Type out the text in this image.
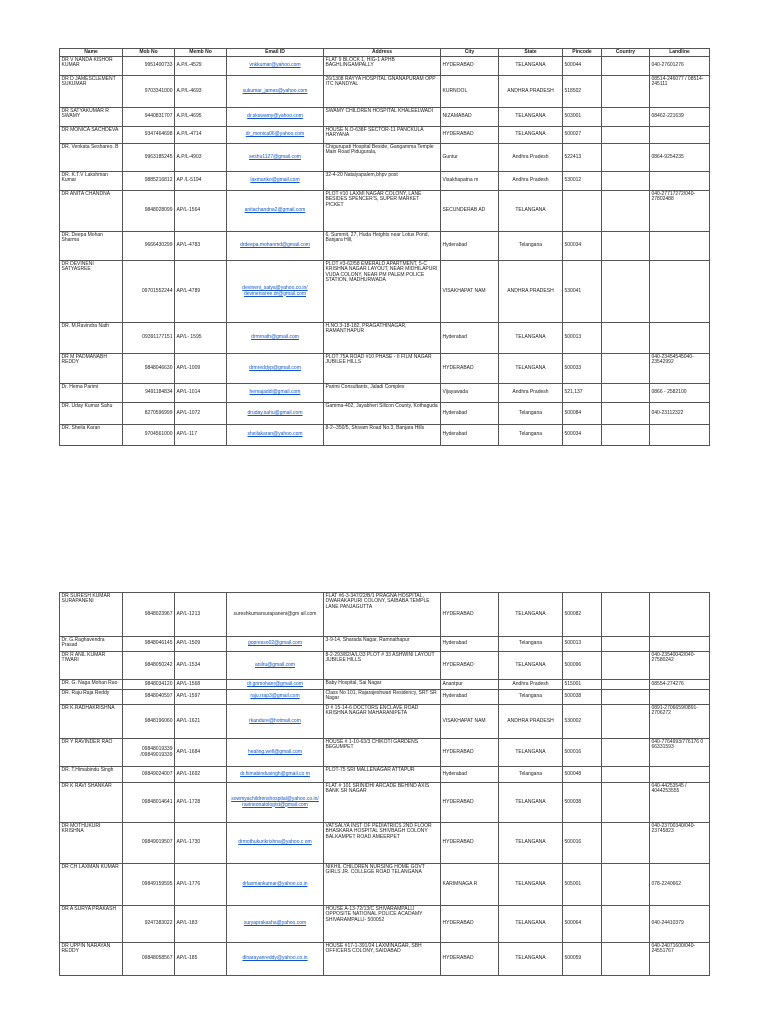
Name	Mob No	Memb No	Email ID	Address	City	State	Pincode	Country	Landline
DR V NANDA KISHOR KUMAR	9951400733	A.P/L-4529	vnkkumar@yahoo.com	FLAT 9 BLOCK 1, HIG-1 APHB BAGHLINGAMPALLY	HYDERABAD	TELANGANA	500044		040-27601276
DR D JAMESCLEMENT SUKUMAR	9703341000	A.P/L-4693	sukumar_james@yahoo.com	26/1308 RAYYA HOSPITAL GNANAPURAM OPP ITC NANDYAL	KURNOOL	ANDHRA PRADESH	518502		08514-246077 / 08514-245111
DR SATYAKUMAR R SWAMY	9440831707	A.P/L-4695	dr.skswamy@yahoo.com	SWAMY CHILDREN HOSPITAL KHALEELWADI	NIZAMABAD	TELANGANA	503001		08462-221639
DR MONICA SACHDEVA	9347464698	A.P/L-4714	dr_monica06@yahoo.com	HOUSE N.O-638F SECTOR-11 PANCKULA HARYANA	HYDERABAD	TELANGANA	500027		
DR. Venkata Seshareo. B	9963185245	A.P/L-4903	seshu1127@gmail.com	Chigurupati Hospital Beside, Gangamma Temple Main Road Pidugurala,	Guntur	Andhra Pradesh	522413		0864-9254235
DR. K.T.V Lakshman Kumar	9885216812	AP /L-5194	laxmanko@gmail.com	32-4-20 Nataiyapalem,bhpv post	Visakhapatna m	Andhra Pradesh	530012		
DR ANITA CHANDNA	9848028099	AP/L-1564	anitachandna2@gmail.com	PLOT #10 LAXMI NAGAR COLONY, LANE BESIDES SPENCER'S, SUPER MARKET PICKET	SECUNDERAB AD	TELANGANA			040-27717272/040-27802488
DR. Deepa Mohan Sharma	9666430299	AP/L-4783	drdeepa.mohanmd@gmail.com	6, Summit, 27, Huda Heights near Lotus Pond, Banjara Hill,	Hyderabad	Telangana	500034		
DR DEVINENI SATYASREE	09701552244	AP/L-4789	devineni_satya@yahoo.co.in/ devinenisree.dr@gmail.com	PLOT #3-62/58 EMERALD APARTMENT, 5-C KRISHNA NAGAR LAYOUT, NEAR MIDHILAPURI VUDA COLONY, NEAR PM PALEM POLICE STATION, MADHURWADA	VISAKHAPAT NAM	ANDHRA PRADESH	530041		
DR. M.Ravindra Nath	09391177151	AP/L- 1595	drmrnath@gmail.com	H.NO.3-18-182, PRAGATHINAGAR, RAMANTHAPUR	Hyderabad	TELANGANA	500013		
DR M PADMANABH REDDY	9848046630	AP/L-1009	drmreddyp@gmail.com	PLOT 75A ROAD #10 PHASE - II FILM NAGAR JUBILEE HILLS	HYDERABAD	TELANGANA	500033		040-23454545040-23542992
Dr. Hema Parimi	9491184834	AP/L-1014	hemajaddi@gmail.com	Parimi Consultants, Jaladi Complex	Vijayawada	Andhra Pradesh	521,137		0866 - 2582100
DR. Uday Kumar Sahu	8270596999	AP/L-1072	druday.sahu@gmail.com	Gamma-402, Jayabheri Silicon County, Kothaguda	Hyderabad	Telangana	500084		040-23112322
DR. Sheila Karan	9704561000	AP/L-117	sheilakaran@yahoo.com	8-2--350/5, Shivam Road No.3, Banjara Hills	Hyderabad	Telangana	500034		
DR SURESH KUMAR SURAPANENI	9848023967	AP/L-1213	sureshkumarsurapaneni@gm ail.com	FLAT #6-3-347/22/B/1 PRAGNA HOSPITAL, DWARAKAPURI COLONY, SAIBABA TEMPLE LANE PANJAGUTTA	HYDERABAD	TELANGANA	500082		
Dr. G.Raghavendra Prasad	9848046145	AP/L-1509	gopresso02@gmail.com	3-9-14, Sharada Nagar, Ramnathapur	Hyderabad	Telangana	500013		
DR R ANIL KUMAR TIWARI	9848050242	AP/L-1534	anilru@gmail.com	8-2-293/82/A/L/33 PLOT # 33 ASHWINI LAYOUT JUBILEE HILLS	HYDERABAD	TELANGANA	500096		040-23540042/040-27580242
DR. G. Naga Mohan Rao	9848034120	AP/L-1568	dr.gnmohanr@gmail.com	Baby Hospital, Sai Nagar	Anantpur	Andhra Pradesh	515001		08554-274276
DR. Raju Raja Reddy	9848040597	AP/L-1597	raju.rrap3@gmail.com	Class No 101, Rajarajeshwari Residency, SRT SR Nagar	Hyderabad	Telangana	500038		
DR K.RADHAKRISHNA	9848196060	AP/L-1621	rkandure@hotmail.com	D # 15-14-6 DOCTORS ENCLAVE ROAD KRISHNA NAGAR MAHARANIPETA	VISAKHAPAT NAM	ANDHRA PRADESH	530002		0891-2706659/0891-2706272
DR Y RAVINDER RAO	09848019339 /09849019339	AP/L-1684	healing.well@gmail.com	HOUSE # 1-10-63/3 CHIKOTI GARDENS BEGUMPET	HYDERABAD	TELANGANA	500016		040-7764993/776176 0 66331593
DR. T.Himabindu Singh	09849024007	AP/L-1692	dr.himabindusingh@gmail.co m	PLOT-75 SRI MALLENAGAR ATTAPUR	Hyderabad	Telangana	500048		
DR K RAVI SHANKAR	09848014641	AP/L-1728	sowmyachildrenshospital@yahoo.co.in/ ravineonatologist@gmail.com	FLAT # 101 SRINIDHI ARCADE BEHIND AXIS BANK SR NAGAR	HYDERABAD	TELANGANA	500038		040-44253545 / 4044253555
DR MOTHUKURI KRISHNA	09849019507	AP/L-1730	drmothukurikrishna@yahoo.c om	VATSALYA INST OF PEDIATRICS 2ND FLOOR BHASKARA HOSPITAL SHIVBAGH COLONY BALKAMPET ROAD AMEERPET	HYDERABAD	TELANGANA	500016		040-23700340/040-23745823
DR CH LAXMAN KUMAR	09849159595	AP/L-1776	drlaxmankumar@yahoo.co.in	NIKHIL CHILDREN NURSING HOME GOVT GIRLS JR. COLLEGE ROAD TELANGANA	KARIMNAGA R	TELANGANA	505001		078-2240662
DR A SURYA PRAKASH	9247383022	AP/L-183	suryaprakasha@yahoo.com	HOUSE A-13-72/13/C SHIVARAMPALLI OPPOSITE NATIONAL POLICE ACADAMY SHIVARAMPALLI- 500052	HYDERABAD	TELANGANA	500064		040-24410379
DR UPPIN NARAYAN REDDY	09848058567	AP/L-185	dlnarayanreddy@yahoo.co.in	HOUSE #17-1-391/24 LAXMINAGAR, SBH OFFICERS COLONY, SAIDABAD	HYDERABAD	TELANGANA	500059		040-24071600/040-24551767
